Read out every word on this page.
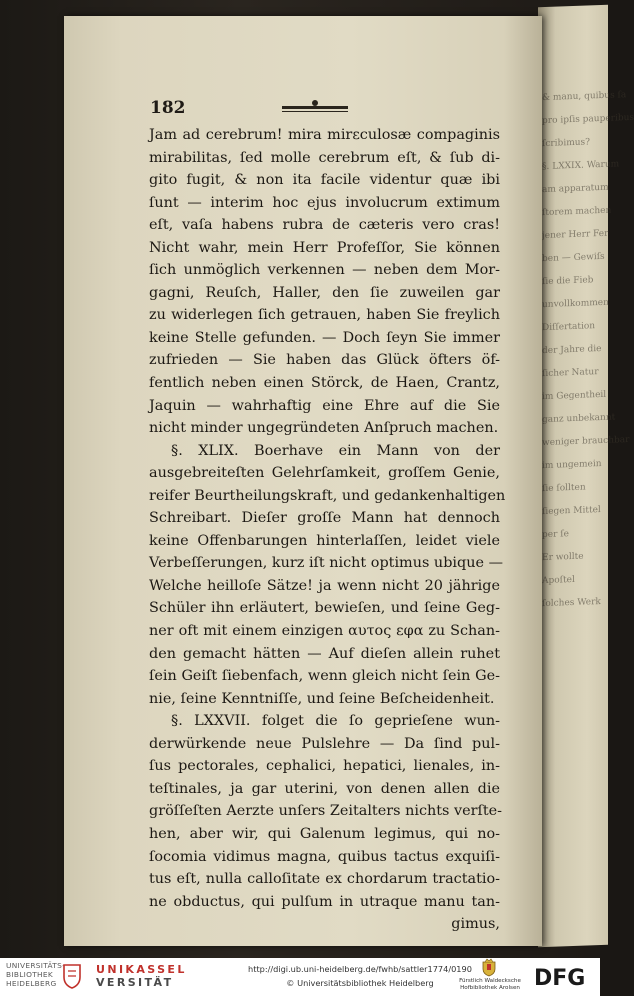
& manu, quibus ſa
pro ipſis pauperibus
ſcribimus?
§. LXXIX. Warum
am apparatum
ſtorem machen
jener Herr Fer
ben — Gewiſs
ſie die Fieb
unvollkommen
Diſſertation
der Jahre die
ſicher Natur
im Gegentheil
ganz unbekannt
weniger brauchbar
im ungemein
ſie ſollten
ſiegen Mittel
per ſe
Er wollte
Apoſtel
ſolches Werk
182
Jam ad cerebrum! mira mirεculosæ compaginis
mirabilitas, ſed molle cerebrum eſt, & ſub di-
gito fugit, & non ita facile videntur quæ ibi
ſunt — interim hoc ejus involucrum extimum
eſt, vaſa habens rubra de cæteris vero cras!
Nicht wahr, mein Herr Profeſſor, Sie können
ſich unmöglich verkennen — neben dem Mor-
gagni, Reuſch, Haller, den ſie zuweilen gar
zu widerlegen ſich getrauen, haben Sie freylich
keine Stelle gefunden. — Doch ſeyn Sie immer
zufrieden — Sie haben das Glück öfters öf-
fentlich neben einen Störck, de Haen, Crantz,
Jaquin — wahrhaftig eine Ehre auf die Sie
nicht minder ungegründeten Anſpruch machen.
§. XLIX. Boerhave ein Mann von der
ausgebreiteſten Gelehrſamkeit, groſſem Genie,
reifer Beurtheilungskraft, und gedankenhaltigen
Schreibart. Dieſer groſſe Mann hat dennoch
keine Offenbarungen hinterlaſſen, leidet viele
Verbeſſerungen, kurz iſt nicht optimus ubique —
Welche heilloſe Sätze! ja wenn nicht 20 jährige
Schüler ihn erläutert, bewieſen, und ſeine Geg-
ner oft mit einem einzigen αυτος εφα zu Schan-
den gemacht hätten — Auf dieſen allein ruhet
ſein Geiſt ſiebenfach, wenn gleich nicht ſein Ge-
nie, ſeine Kenntniſſe, und ſeine Beſcheidenheit.
§. LXXVII. folget die ſo geprieſene wun-
derwürkende neue Pulslehre — Da ſind pul-
ſus pectorales, cephalici, hepatici, lienales, in-
teſtinales, ja gar uterini, von denen allen die
gröſſeſten Aerzte unſers Zeitalters nichts verſte-
hen, aber wir, qui Galenum legimus, qui no-
ſocomia vidimus magna, quibus tactus exquiſi-
tus eſt, nulla calloſitate ex chordarum tractatio-
ne obductus, qui pulſum in utraque manu tan-
gimus,
UNIVERSITÄTS-
BIBLIOTHEK
HEIDELBERG
UNIKASSEL
VERSITÄT
http://digi.ub.uni-heidelberg.de/fwhb/sattler1774/0190
© Universitätsbibliothek Heidelberg	Fürstlich Waldecksche
Hofbibliothek Arolsen DFG
